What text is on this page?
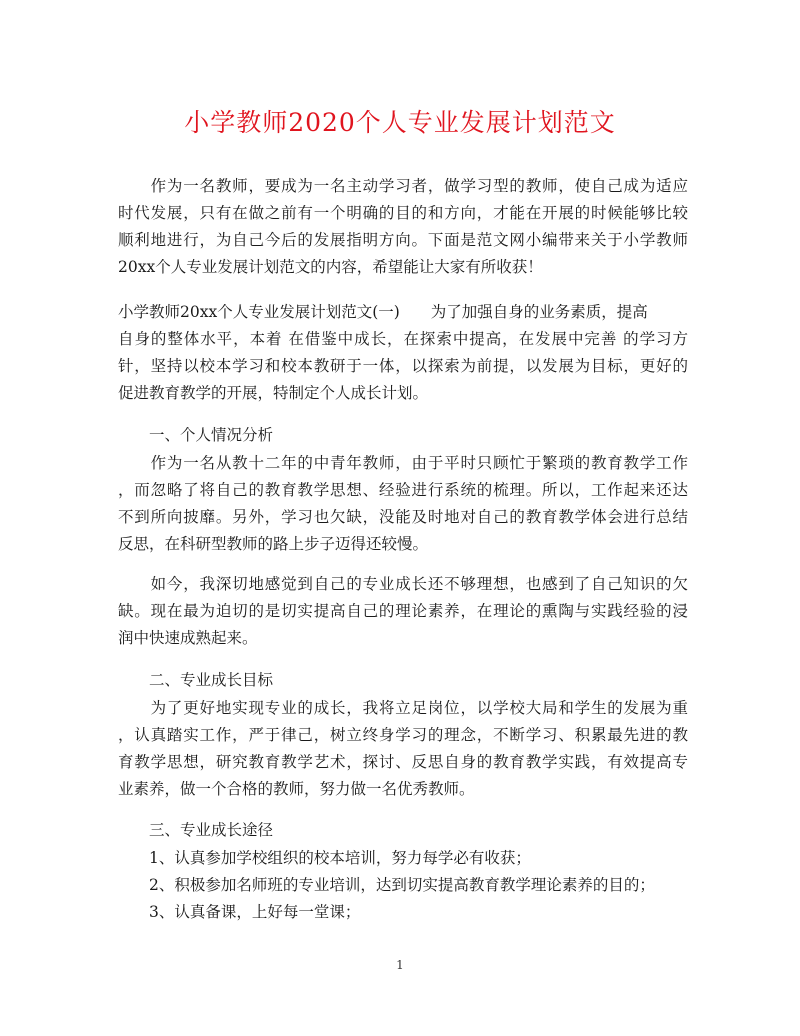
小学教师2020个人专业发展计划范文
　　作为一名教师，要成为一名主动学习者，做学习型的教师，使自己成为适应
时代发展，只有在做之前有一个明确的目的和方向，才能在开展的时候能够比较
顺利地进行，为自己今后的发展指明方向。下面是范文网小编带来关于小学教师
20xx个人专业发展计划范文的内容，希望能让大家有所收获！
小学教师20xx个人专业发展计划范文(一)　　为了加强自身的业务素质，提高
自身的整体水平，本着 在借鉴中成长，在探索中提高，在发展中完善 的学习方
针，坚持以校本学习和校本教研于一体，以探索为前提，以发展为目标，更好的
促进教育教学的开展，特制定个人成长计划。
　　一、个人情况分析
　　作为一名从教十二年的中青年教师，由于平时只顾忙于繁琐的教育教学工作
，而忽略了将自己的教育教学思想、经验进行系统的梳理。所以，工作起来还达
不到所向披靡。另外，学习也欠缺，没能及时地对自己的教育教学体会进行总结
反思，在科研型教师的路上步子迈得还较慢。
　　如今，我深切地感觉到自己的专业成长还不够理想，也感到了自己知识的欠
缺。现在最为迫切的是切实提高自己的理论素养，在理论的熏陶与实践经验的浸
润中快速成熟起来。
　　二、专业成长目标
　　为了更好地实现专业的成长，我将立足岗位，以学校大局和学生的发展为重
，认真踏实工作，严于律己，树立终身学习的理念，不断学习、积累最先进的教
育教学思想，研究教育教学艺术，探讨、反思自身的教育教学实践，有效提高专
业素养，做一个合格的教师，努力做一名优秀教师。
　　三、专业成长途径
　　1、认真参加学校组织的校本培训，努力每学必有收获；
　　2、积极参加名师班的专业培训，达到切实提高教育教学理论素养的目的；
　　3、认真备课，上好每一堂课；
1
